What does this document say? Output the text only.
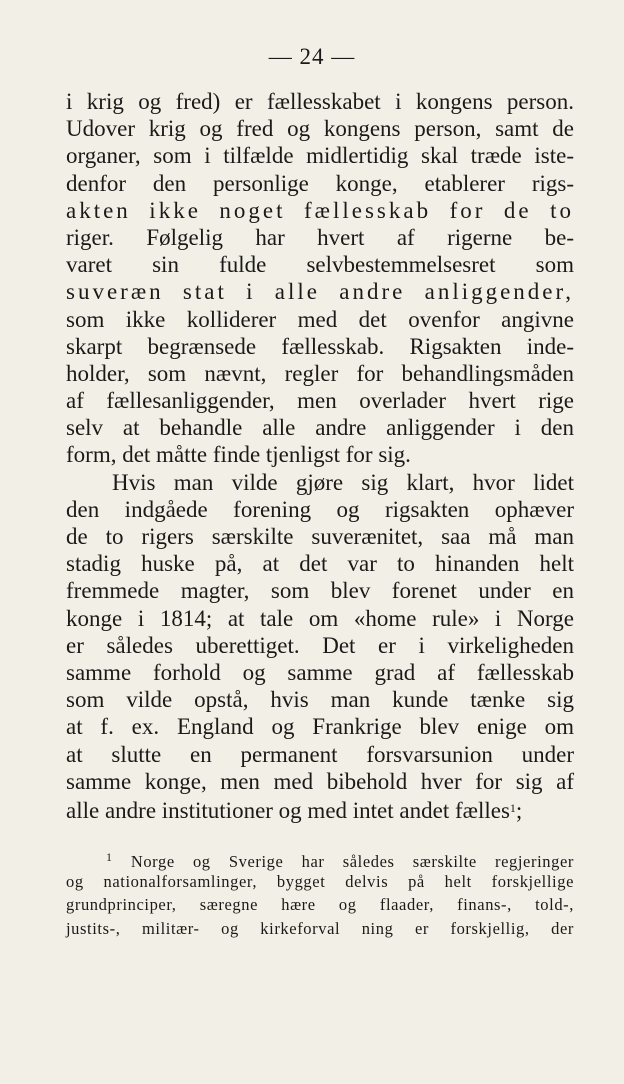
— 24 —
i krig og fred) er fællesskabet i kongens person.
Udover krig og fred og kongens person, samt de
organer, som i tilfælde midlertidig skal træde iste-
denfor den personlige konge, etablerer rigs-
akten ikke noget fællesskab for de to
riger. Følgelig har hvert af rigerne be-
varet sin fulde selvbestemmelsesret som
suveræn stat i alle andre anliggender,
som ikke kolliderer med det ovenfor angivne
skarpt begrænsede fællesskab. Rigsakten inde-
holder, som nævnt, regler for behandlingsmåden
af fællesanliggender, men overlader hvert rige
selv at behandle alle andre anliggender i den
form, det måtte finde tjenligst for sig.
Hvis man vilde gjøre sig klart, hvor lidet
den indgåede forening og rigsakten ophæver
de to rigers særskilte suverænitet, saa må man
stadig huske på, at det var to hinanden helt
fremmede magter, som blev forenet under en
konge i 1814; at tale om «home rule» i Norge
er således uberettiget. Det er i virkeligheden
samme forhold og samme grad af fællesskab
som vilde opstå, hvis man kunde tænke sig
at f. ex. England og Frankrige blev enige om
at slutte en permanent forsvarsunion under
samme konge, men med bibehold hver for sig af
alle andre institutioner og med intet andet fælles$^1$;
$^1$ Norge og Sverige har således særskilte regjeringer
og nationalforsamlinger, bygget delvis på helt forskjellige
grundprinciper, særegne hære og flaader, finans-, told-,
justits-, militær- og kirkeforval ning er forskjellig, der
